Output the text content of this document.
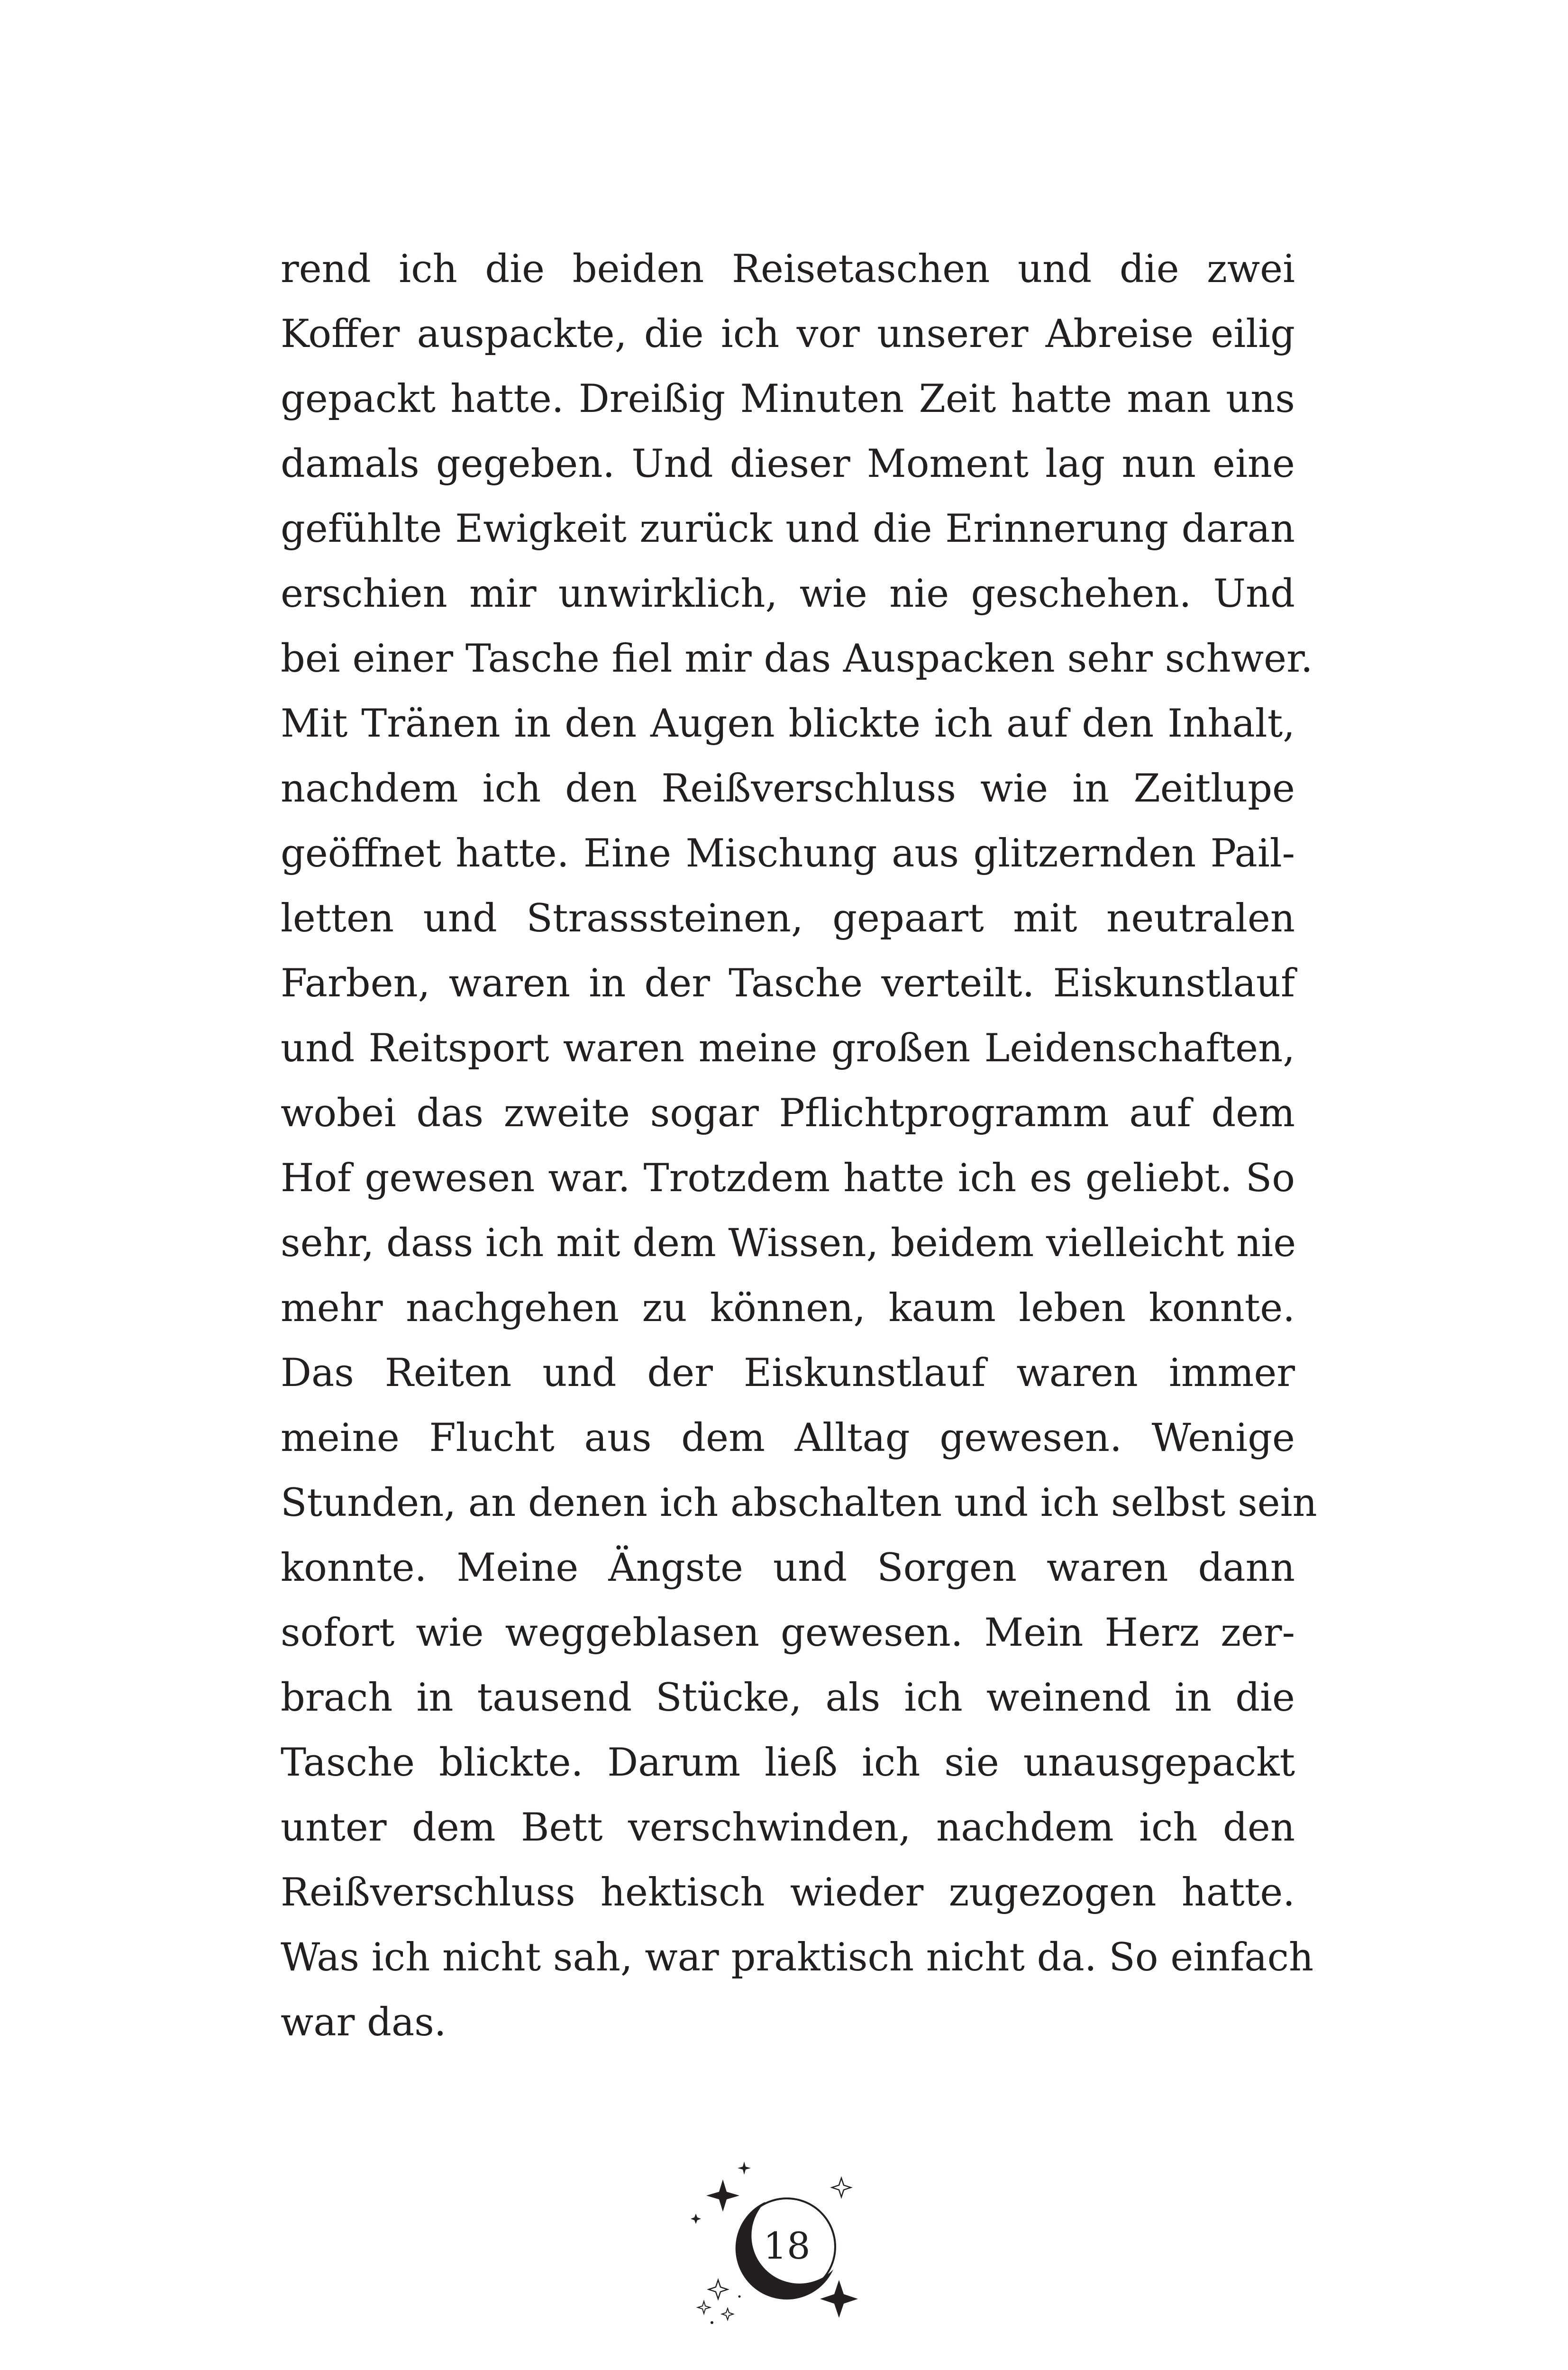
rend ich die beiden Reisetaschen und die zwei
Koffer auspackte, die ich vor unserer Abreise eilig
gepackt hatte. Dreißig Minuten Zeit hatte man uns
damals gegeben. Und dieser Moment lag nun eine
gefühlte Ewigkeit zurück und die Erinnerung daran
erschien mir unwirklich, wie nie geschehen. Und
bei einer Tasche fiel mir das Auspacken sehr schwer.
Mit Tränen in den Augen blickte ich auf den Inhalt,
nachdem ich den Reißverschluss wie in Zeitlupe
geöffnet hatte. Eine Mischung aus glitzernden Pail-
letten und Strasssteinen, gepaart mit neutralen
Farben, waren in der Tasche verteilt. Eiskunstlauf
und Reitsport waren meine großen Leidenschaften,
wobei das zweite sogar Pflichtprogramm auf dem
Hof gewesen war. Trotzdem hatte ich es geliebt. So
sehr, dass ich mit dem Wissen, beidem vielleicht nie
mehr nachgehen zu können, kaum leben konnte.
Das Reiten und der Eiskunstlauf waren immer
meine Flucht aus dem Alltag gewesen. Wenige
Stunden, an denen ich abschalten und ich selbst sein
konnte. Meine Ängste und Sorgen waren dann
sofort wie weggeblasen gewesen. Mein Herz zer-
brach in tausend Stücke, als ich weinend in die
Tasche blickte. Darum ließ ich sie unausgepackt
unter dem Bett verschwinden, nachdem ich den
Reißverschluss hektisch wieder zugezogen hatte.
Was ich nicht sah, war praktisch nicht da. So einfach
war das.
18
